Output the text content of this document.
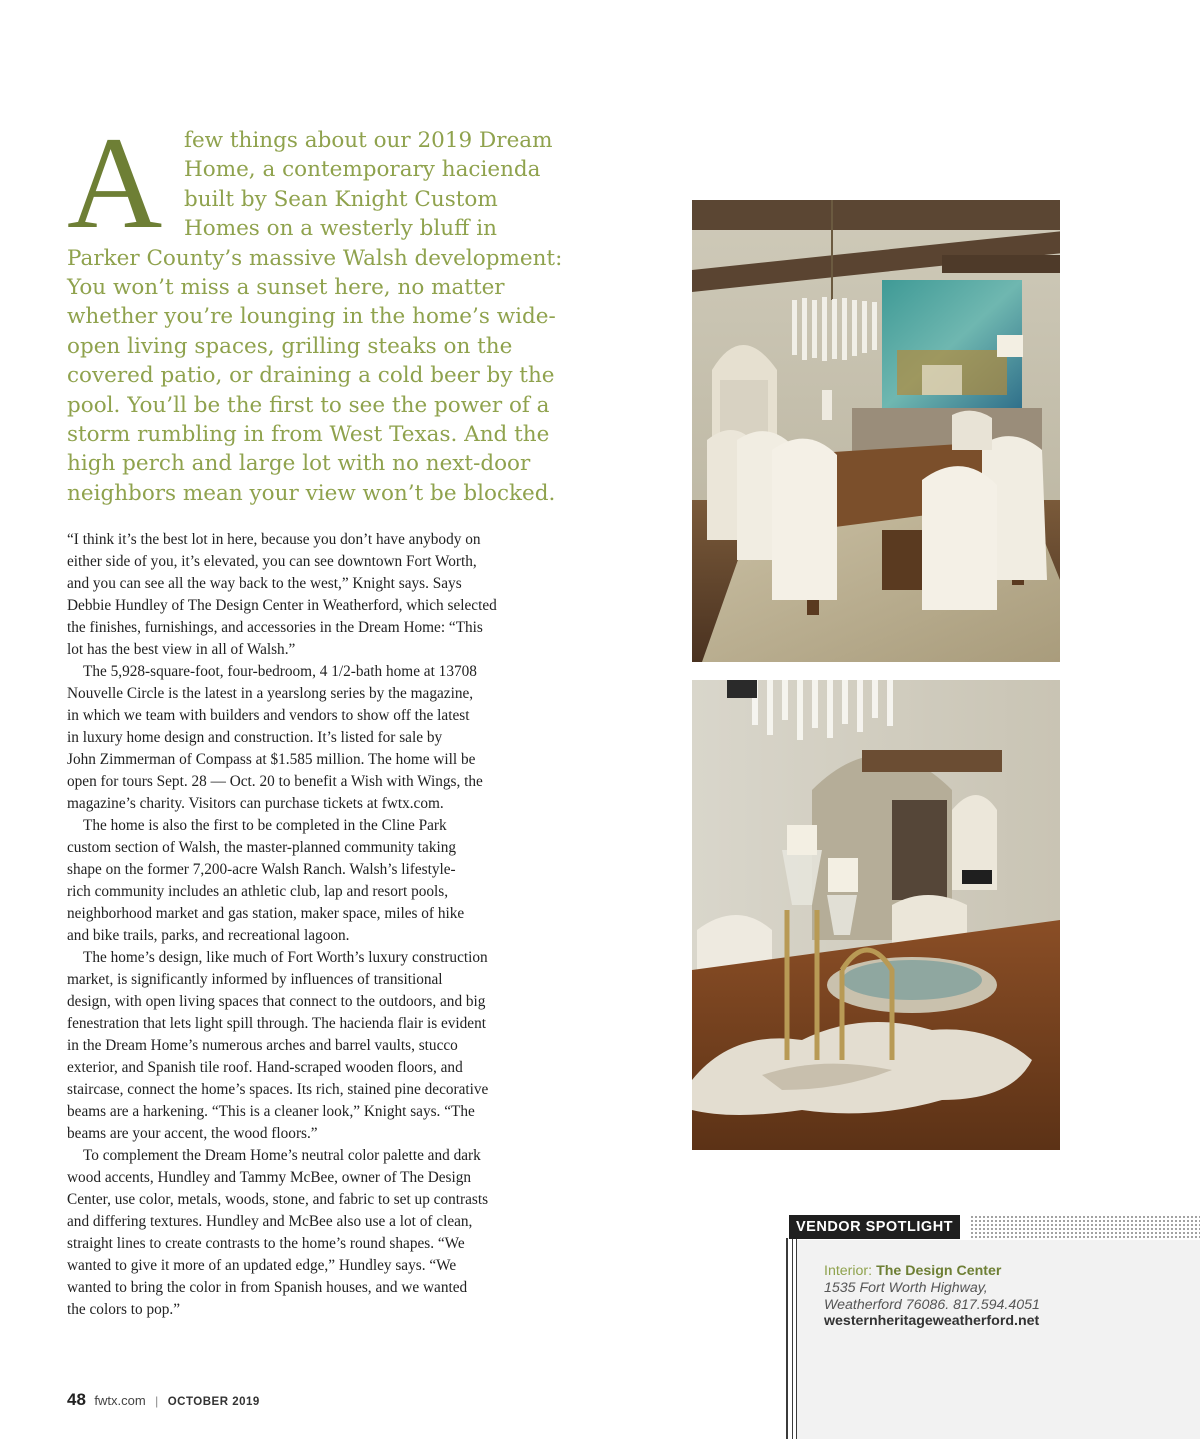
A	few things about our 2019 Dream
Home, a contemporary hacienda
built by Sean Knight Custom
Homes on a westerly bluff in
Parker County’s massive Walsh development:
You won’t miss a sunset here, no matter
whether you’re lounging in the home’s wide-
open living spaces, grilling steaks on the
covered patio, or draining a cold beer by the
pool. You’ll be the first to see the power of a
storm rumbling in from West Texas. And the
high perch and large lot with no next-door
neighbors mean your view won’t be blocked.
“I think it’s the best lot in here, because you don’t have anybody on
either side of you, it’s elevated, you can see downtown Fort Worth,
and you can see all the way back to the west,” Knight says. Says
Debbie Hundley of The Design Center in Weatherford, which selected
the finishes, furnishings, and accessories in the Dream Home: “This
lot has the best view in all of Walsh.”
The 5,928-square-foot, four-bedroom, 4 1/2-bath home at 13708
Nouvelle Circle is the latest in a yearslong series by the magazine,
in which we team with builders and vendors to show off the latest
in luxury home design and construction. It’s listed for sale by
John Zimmerman of Compass at $1.585 million. The home will be
open for tours Sept. 28 — Oct. 20 to benefit a Wish with Wings, the
magazine’s charity. Visitors can purchase tickets at fwtx.com.
The home is also the first to be completed in the Cline Park
custom section of Walsh, the master-planned community taking
shape on the former 7,200-acre Walsh Ranch. Walsh’s lifestyle-
rich community includes an athletic club, lap and resort pools,
neighborhood market and gas station, maker space, miles of hike
and bike trails, parks, and recreational lagoon.
The home’s design, like much of Fort Worth’s luxury construction
market, is significantly informed by influences of transitional
design, with open living spaces that connect to the outdoors, and big
fenestration that lets light spill through. The hacienda flair is evident
in the Dream Home’s numerous arches and barrel vaults, stucco
exterior, and Spanish tile roof. Hand-scraped wooden floors, and
staircase, connect the home’s spaces. Its rich, stained pine decorative
beams are a harkening. “This is a cleaner look,” Knight says. “The
beams are your accent, the wood floors.”
To complement the Dream Home’s neutral color palette and dark
wood accents, Hundley and Tammy McBee, owner of The Design
Center, use color, metals, woods, stone, and fabric to set up contrasts
and differing textures. Hundley and McBee also use a lot of clean,
straight lines to create contrasts to the home’s round shapes. “We
wanted to give it more of an updated edge,” Hundley says. “We
wanted to bring the color in from Spanish houses, and we wanted
the colors to pop.”
VENDOR SPOTLIGHT
Interior: The Design Center
1535 Fort Worth Highway,
Weatherford 76086. 817.594.4051
westernheritageweatherford.net
48 fwtx.com | OCTOBER 2019
